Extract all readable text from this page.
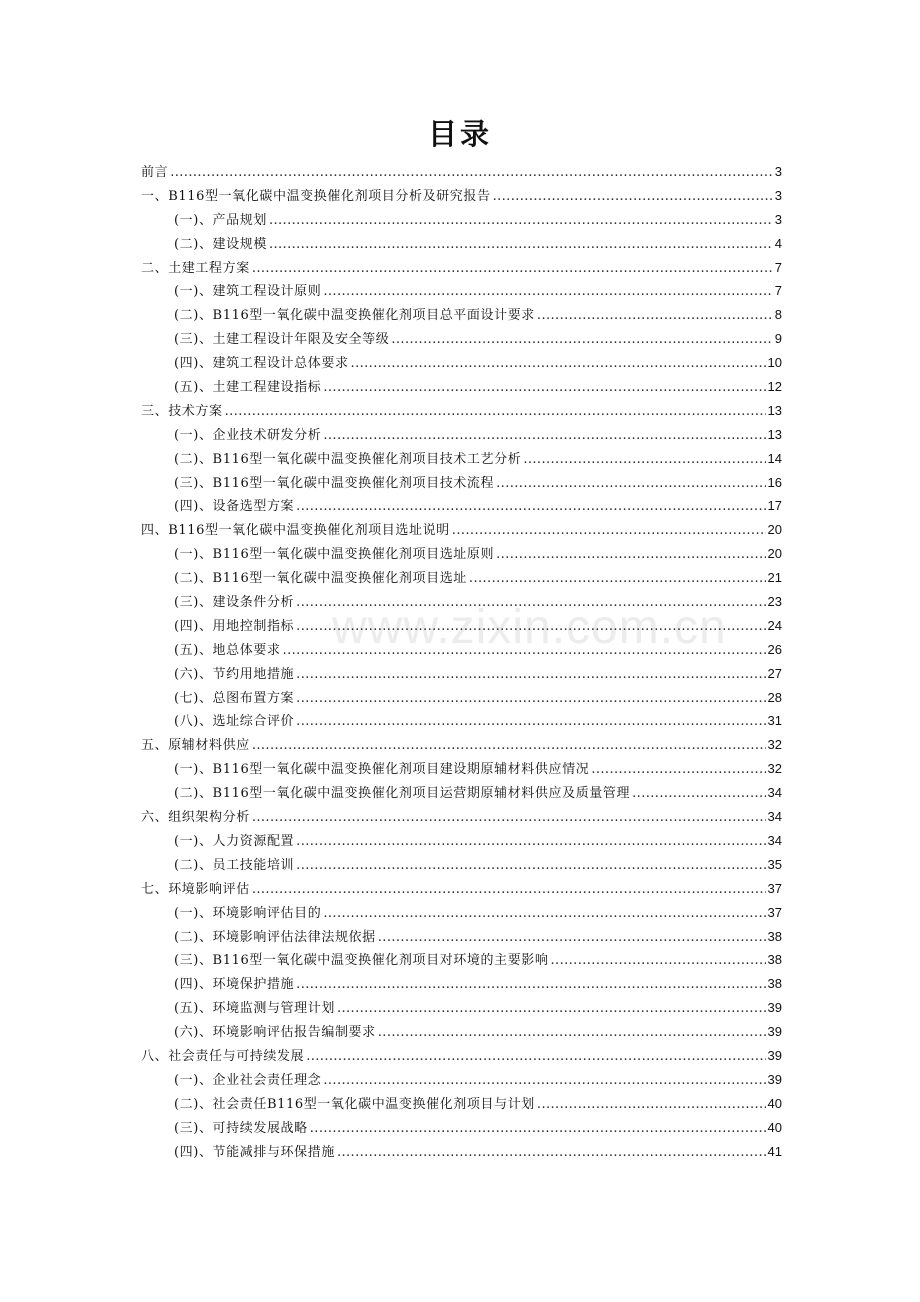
www.zixin.com.cn
目录
前言 .....	3
一、B116型一氧化碳中温变换催化剂项目分析及研究报告 .....	3
(一)、产品规划 .....	3
(二)、建设规模 .....	4
二、土建工程方案 .....	7
(一)、建筑工程设计原则 .....	7
(二)、B116型一氧化碳中温变换催化剂项目总平面设计要求 .....	8
(三)、土建工程设计年限及安全等级 .....	9
(四)、建筑工程设计总体要求 .....	10
(五)、土建工程建设指标 .....	12
三、技术方案 .....	13
(一)、企业技术研发分析 .....	13
(二)、B116型一氧化碳中温变换催化剂项目技术工艺分析 .....	14
(三)、B116型一氧化碳中温变换催化剂项目技术流程 .....	16
(四)、设备选型方案 .....	17
四、B116型一氧化碳中温变换催化剂项目选址说明 .....	20
(一)、B116型一氧化碳中温变换催化剂项目选址原则 .....	20
(二)、B116型一氧化碳中温变换催化剂项目选址 .....	21
(三)、建设条件分析 .....	23
(四)、用地控制指标 .....	24
(五)、地总体要求 .....	26
(六)、节约用地措施 .....	27
(七)、总图布置方案 .....	28
(八)、选址综合评价 .....	31
五、原辅材料供应 .....	32
(一)、B116型一氧化碳中温变换催化剂项目建设期原辅材料供应情况 .....	32
(二)、B116型一氧化碳中温变换催化剂项目运营期原辅材料供应及质量管理 .....	34
六、组织架构分析 .....	34
(一)、人力资源配置 .....	34
(二)、员工技能培训 .....	35
七、环境影响评估 .....	37
(一)、环境影响评估目的 .....	37
(二)、环境影响评估法律法规依据 .....	38
(三)、B116型一氧化碳中温变换催化剂项目对环境的主要影响 .....	38
(四)、环境保护措施 .....	38
(五)、环境监测与管理计划 .....	39
(六)、环境影响评估报告编制要求 .....	39
八、社会责任与可持续发展 .....	39
(一)、企业社会责任理念 .....	39
(二)、社会责任B116型一氧化碳中温变换催化剂项目与计划 .....	40
(三)、可持续发展战略 .....	40
(四)、节能减排与环保措施 .....	41
